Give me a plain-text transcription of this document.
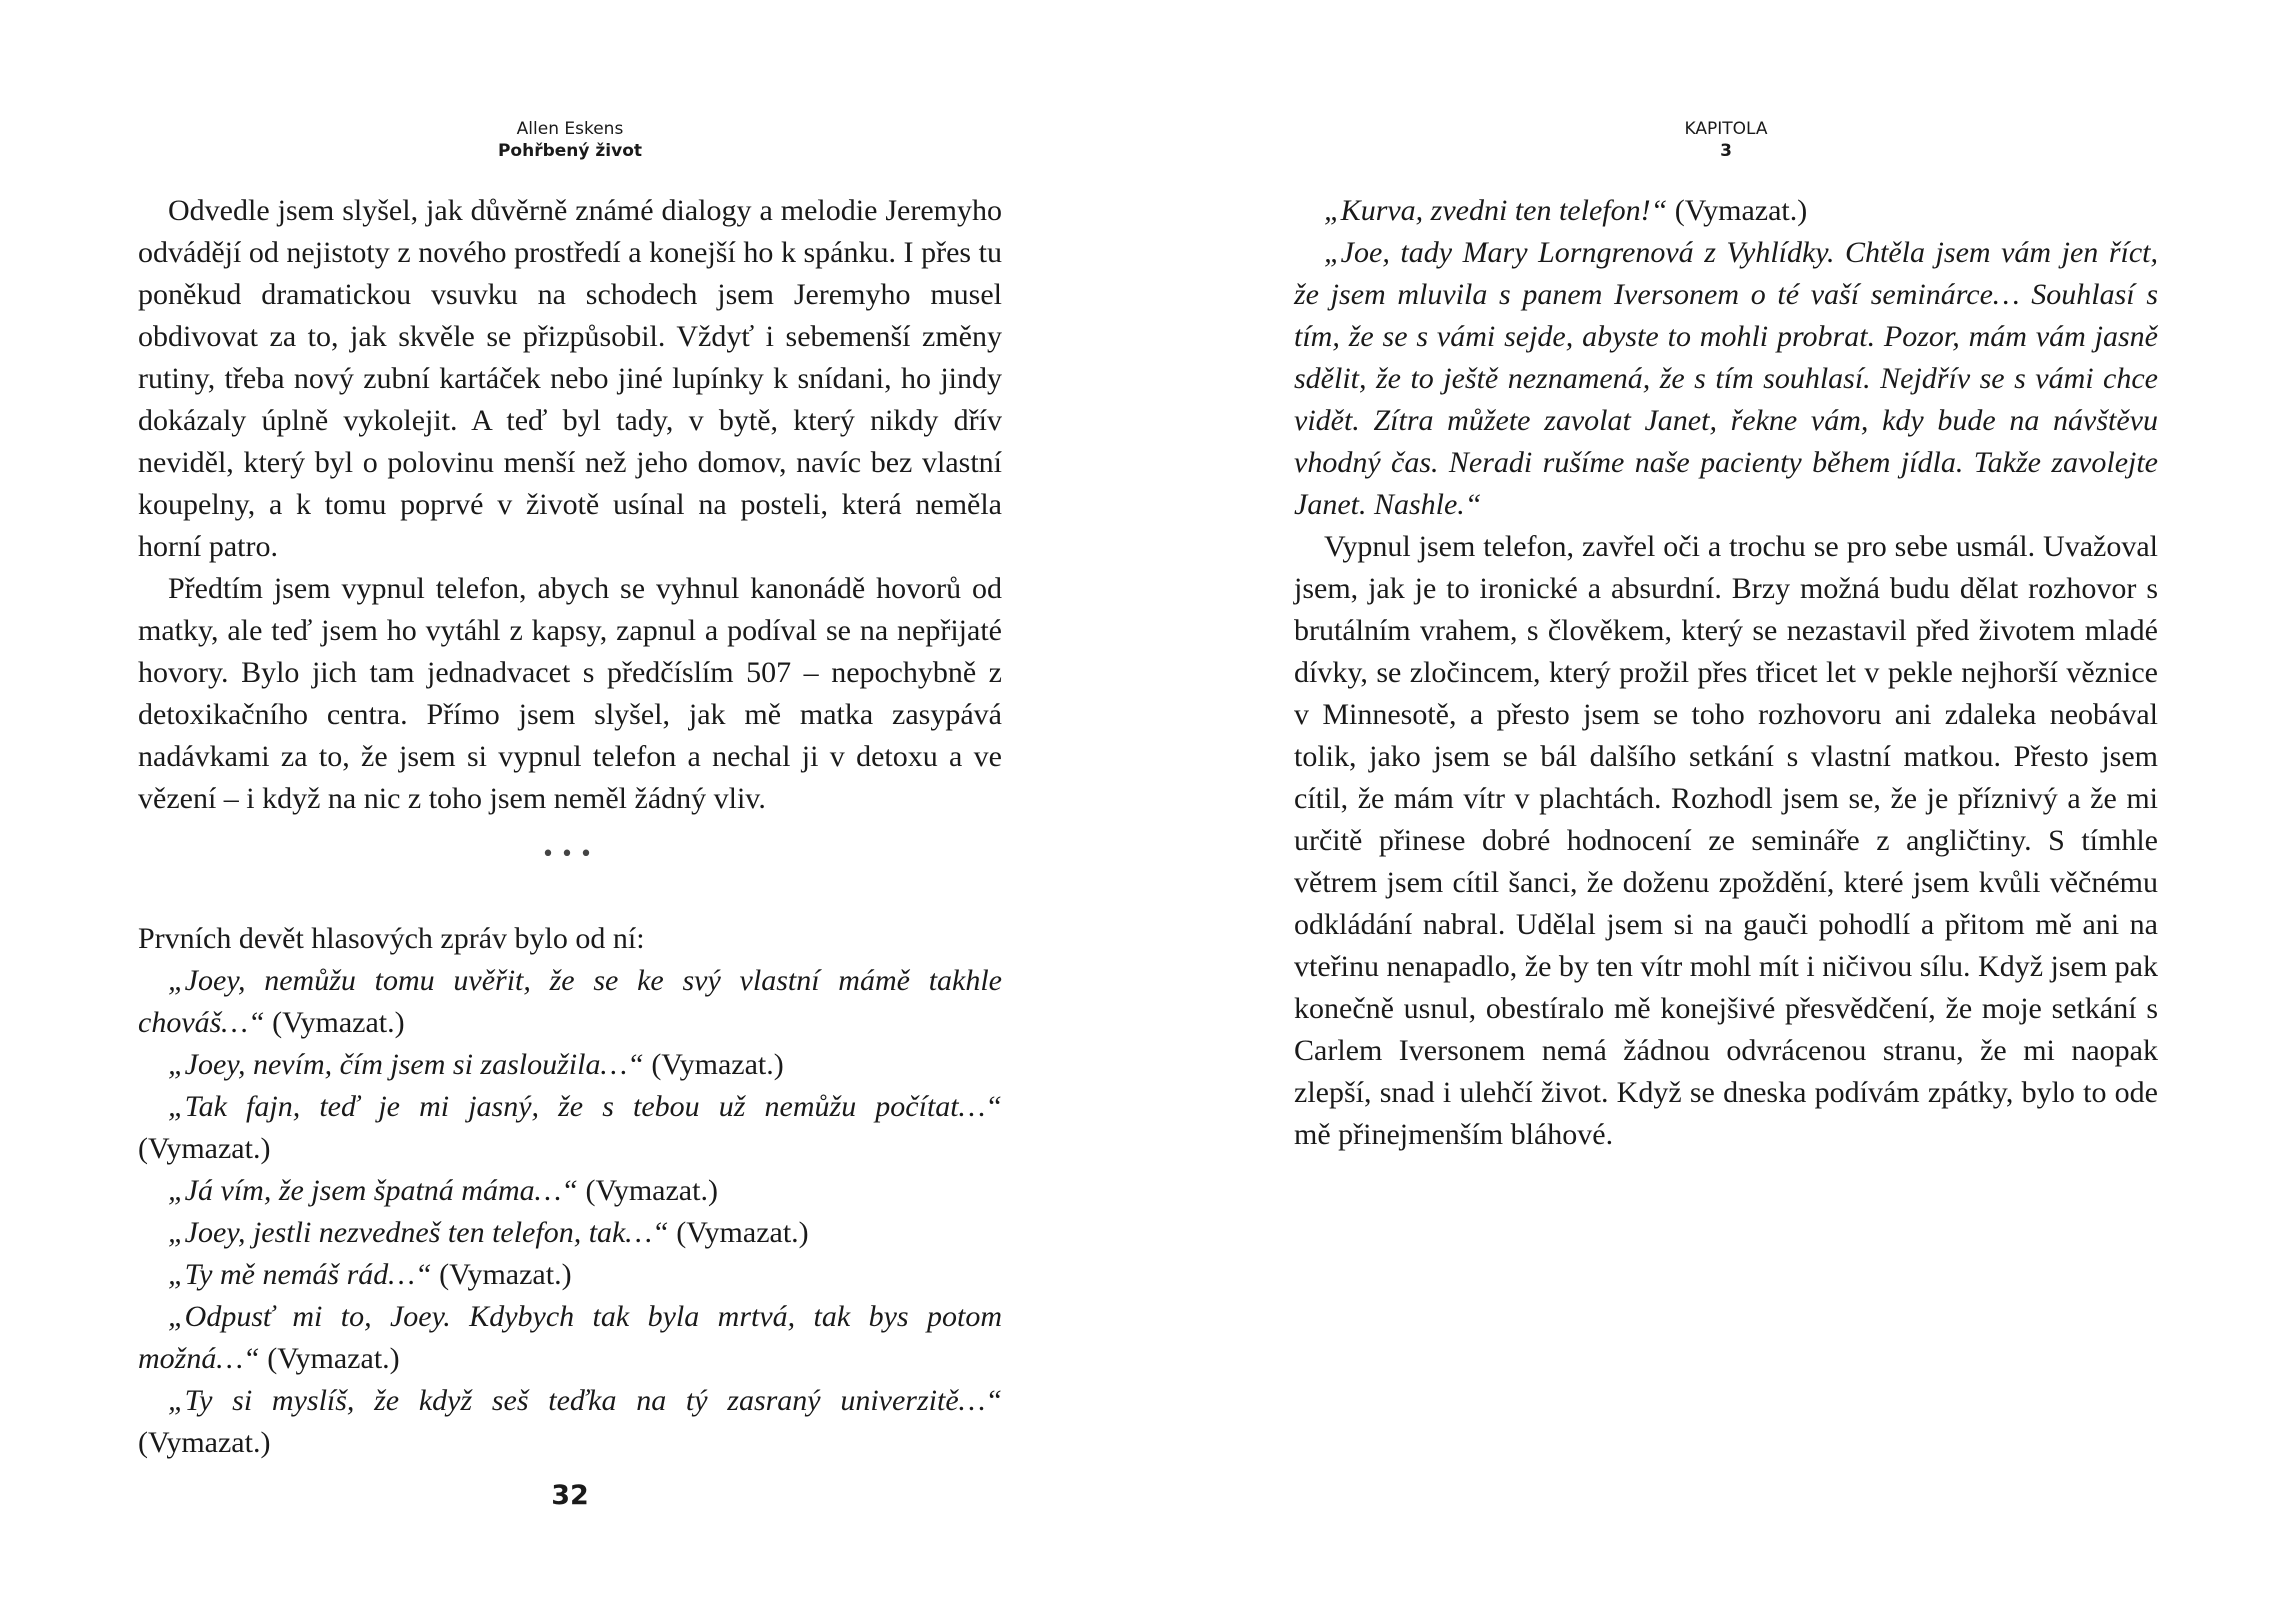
Allen Eskens
Pohřbený život

Odvedle jsem slyšel, jak důvěrně známé dialogy a melodie Jeremyho odvádějí od nejistoty z nového prostředí a konejší ho k spánku. I přes tu poněkud dramatickou vsuvku na schodech jsem Jeremyho musel obdivovat za to, jak skvěle se přizpůsobil. Vždyť i sebemenší změny rutiny, třeba nový zubní kartáček nebo jiné lupínky k snídani, ho jindy dokázaly úplně vykolejit. A teď byl tady, v bytě, který nikdy dřív neviděl, který byl o polovinu menší než jeho domov, navíc bez vlastní koupelny, a k tomu poprvé v životě usínal na posteli, která neměla horní patro.

Předtím jsem vypnul telefon, abych se vyhnul kanonádě hovorů od matky, ale teď jsem ho vytáhl z kapsy, zapnul a podíval se na nepřijaté hovory. Bylo jich tam jednadvacet s předčíslím 507 – nepochybně z detoxikačního centra. Přímo jsem slyšel, jak mě matka zasypává nadávkami za to, že jsem si vypnul telefon a nechal ji v detoxu a ve vězení – i když na nic z toho jsem neměl žádný vliv.

•••

Prvních devět hlasových zpráv bylo od ní:

„Joey, nemůžu tomu uvěřit, že se ke svý vlastní mámě takhle chováš…“ (Vymazat.)

„Joey, nevím, čím jsem si zasloužila…“ (Vymazat.)

„Tak fajn, teď je mi jasný, že s tebou už nemůžu počítat…“ (Vymazat.)

„Já vím, že jsem špatná máma…“ (Vymazat.)

„Joey, jestli nezvedneš ten telefon, tak…“ (Vymazat.)

„Ty mě nemáš rád…“ (Vymazat.)

„Odpusť mi to, Joey. Kdybych tak byla mrtvá, tak bys potom možná…“ (Vymazat.)

„Ty si myslíš, že když seš teďka na tý zasraný univerzitě…“ (Vymazat.)

32
KAPITOLA
3

„Kurva, zvedni ten telefon!“ (Vymazat.)

„Joe, tady Mary Lorngrenová z Vyhlídky. Chtěla jsem vám jen říct, že jsem mluvila s panem Iversonem o té vaší seminárce… Souhlasí s tím, že se s vámi sejde, abyste to mohli probrat. Pozor, mám vám jasně sdělit, že to ještě neznamená, že s tím souhlasí. Nejdřív se s vámi chce vidět. Zítra můžete zavolat Janet, řekne vám, kdy bude na návštěvu vhodný čas. Neradi rušíme naše pacienty během jídla. Takže zavolejte Janet. Nashle.“

Vypnul jsem telefon, zavřel oči a trochu se pro sebe usmál. Uvažoval jsem, jak je to ironické a absurdní. Brzy možná budu dělat rozhovor s brutálním vrahem, s člověkem, který se nezastavil před životem mladé dívky, se zločincem, který prožil přes třicet let v pekle nejhorší věznice v Minnesotě, a přesto jsem se toho rozhovoru ani zdaleka neobával tolik, jako jsem se bál dalšího setkání s vlastní matkou. Přesto jsem cítil, že mám vítr v plachtách. Rozhodl jsem se, že je příznivý a že mi určitě přinese dobré hodnocení ze semináře z angličtiny. S tímhle větrem jsem cítil šanci, že doženu zpoždění, které jsem kvůli věčnému odkládání nabral. Udělal jsem si na gauči pohodlí a přitom mě ani na vteřinu nenapadlo, že by ten vítr mohl mít i ničivou sílu. Když jsem pak konečně usnul, obestíralo mě konejšivé přesvědčení, že moje setkání s Carlem Iversonem nemá žádnou odvrácenou stranu, že mi naopak zlepší, snad i ulehčí život. Když se dneska podívám zpátky, bylo to ode mě přinejmenším bláhové.
